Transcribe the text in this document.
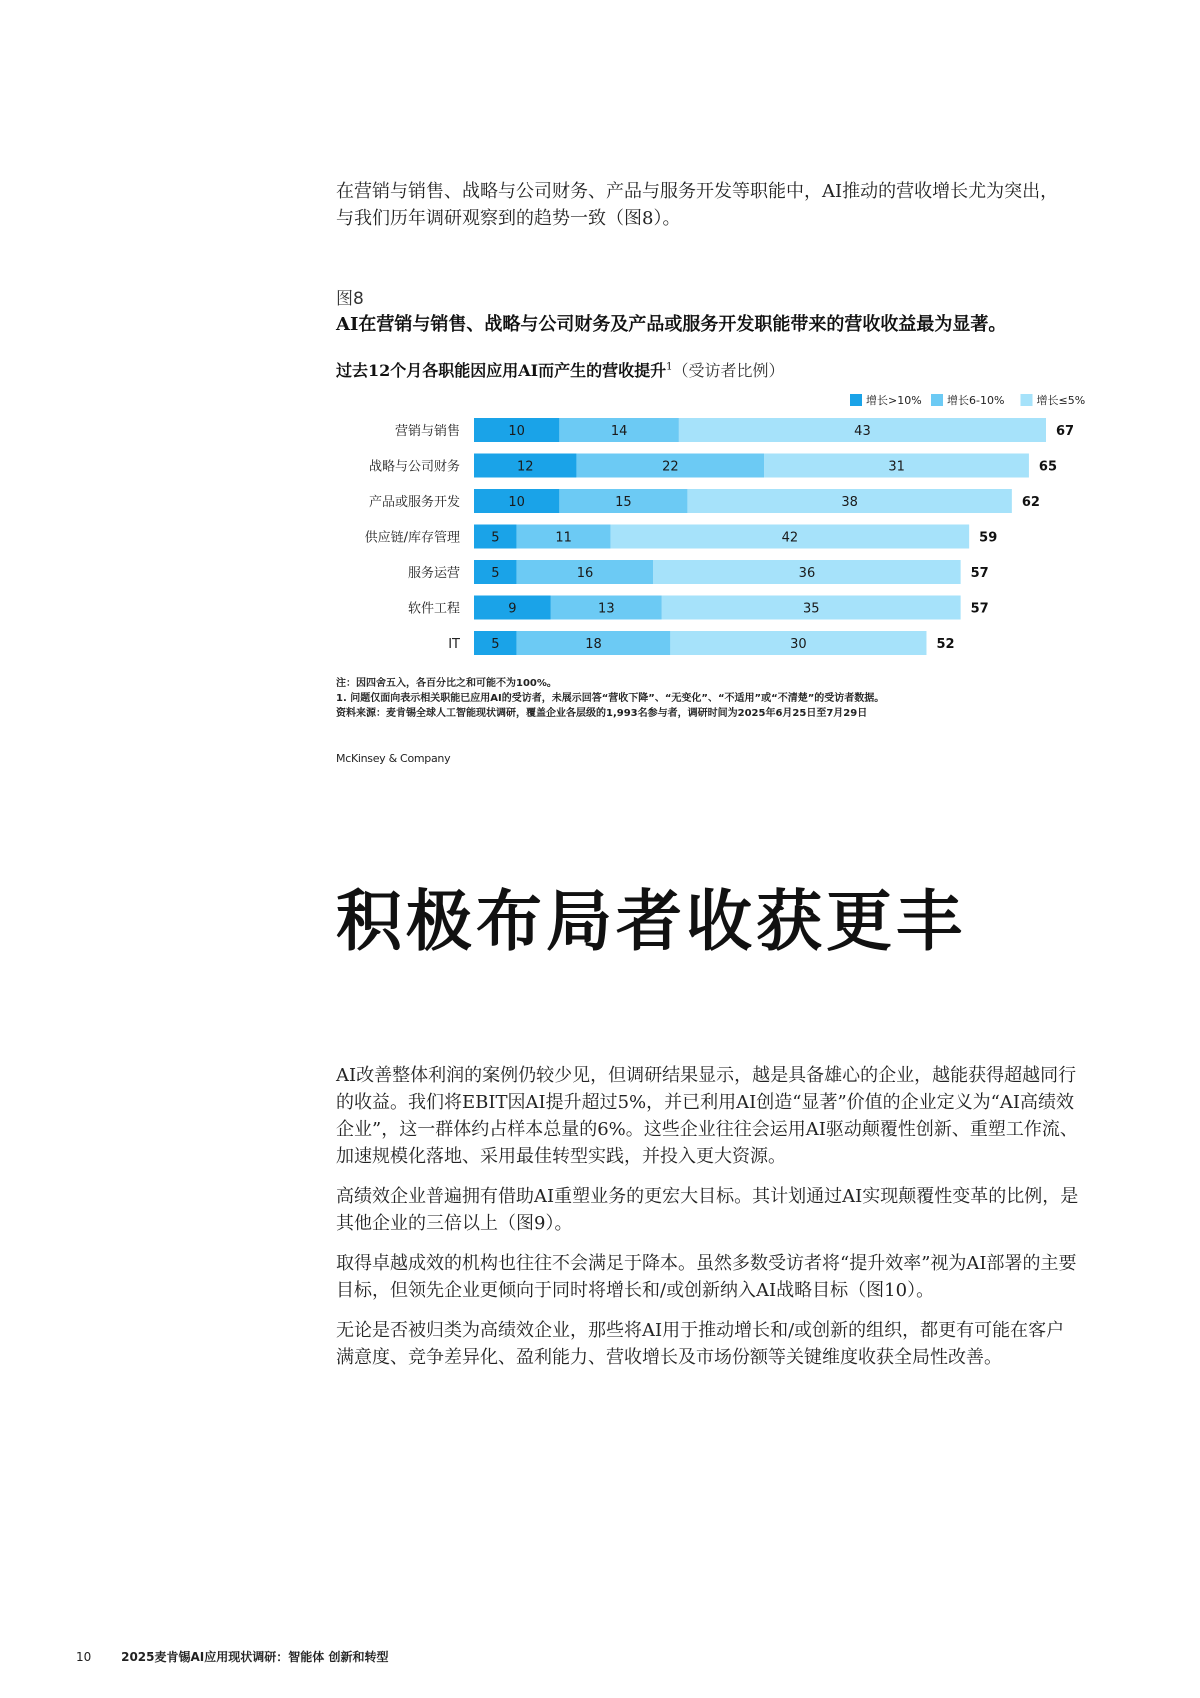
在营销与销售、战略与公司财务、产品与服务开发等职能中，AI推动的营收增长尤为突出，与我们历年调研观察到的趋势一致（图8）。
图8
AI在营销与销售、战略与公司财务及产品或服务开发职能带来的营收收益最为显著。
过去12个月各职能因应用AI而产生的营收提升$^1$（受访者比例）
增长>10% 增长6-10%	增长≤5%
营销与销售	10	14	43	67
战略与公司财务	12	22	31	65
产品或服务开发	10	15	38	62
供应链/库存管理 5	11	42	59
服务运营 5	16	36	57
软件工程	9	13	35	57
IT 5	18	30	52
注：因四舍五入，各百分比之和可能不为100%。
1. 问题仅面向表示相关职能已应用AI的受访者，未展示回答“营收下降”、“无变化”、“不适用”或“不清楚”的受访者数据。
资料来源：麦肯锡全球人工智能现状调研，覆盖企业各层级的1,993名参与者，调研时间为2025年6月25日至7月29日
McKinsey & Company
积极布局者收获更丰

AI改善整体利润的案例仍较少见，但调研结果显示，越是具备雄心的企业，越能获得超越同行的收益。我们将EBIT因AI提升超过5%，并已利用AI创造“显著”价值的企业定义为“AI高绩效企业”，这一群体约占样本总量的6%。这些企业往往会运用AI驱动颠覆性创新、重塑工作流、加速规模化落地、采用最佳转型实践，并投入更大资源。

高绩效企业普遍拥有借助AI重塑业务的更宏大目标。其计划通过AI实现颠覆性变革的比例，是其他企业的三倍以上（图9）。

取得卓越成效的机构也往往不会满足于降本。虽然多数受访者将“提升效率”视为AI部署的主要目标，但领先企业更倾向于同时将增长和/或创新纳入AI战略目标（图10）。

无论是否被归类为高绩效企业，那些将AI用于推动增长和/或创新的组织，都更有可能在客户满意度、竞争差异化、盈利能力、营收增长及市场份额等关键维度收获全局性改善。

10 2025麦肯锡AI应用现状调研：智能体 创新和转型
